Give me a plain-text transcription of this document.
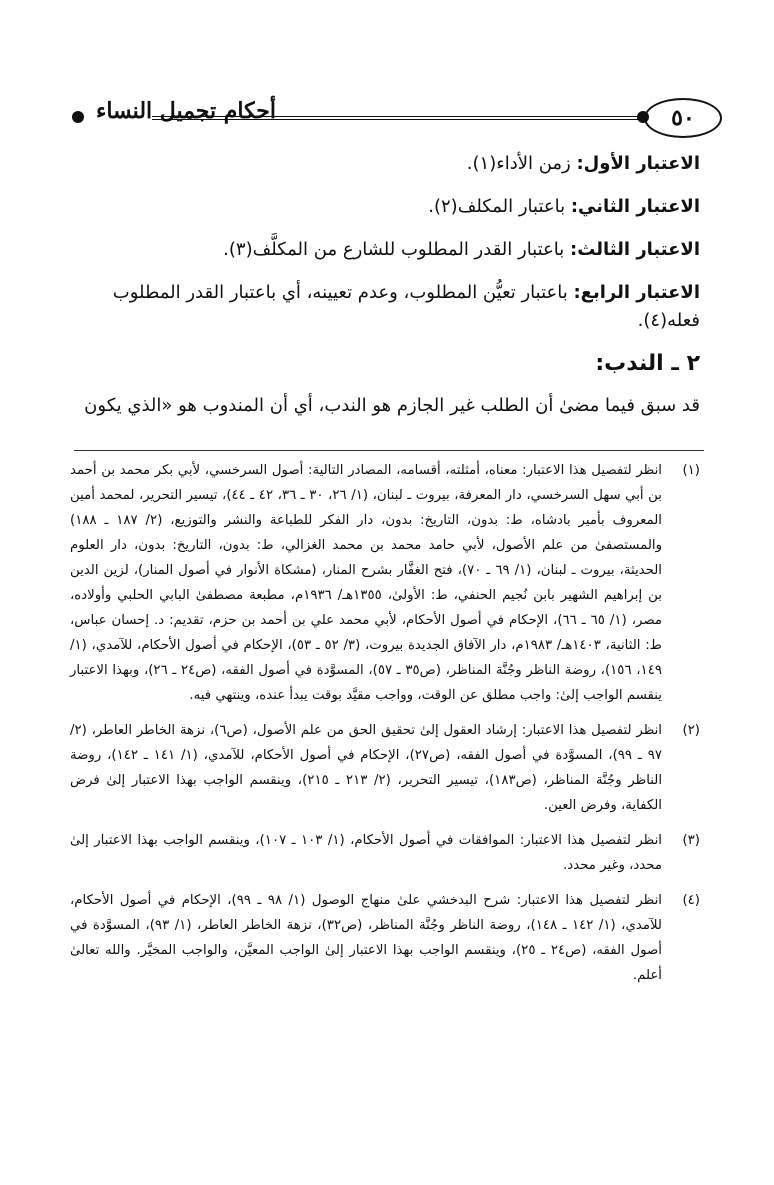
أحكام تجميل النساء	٥٠

الاعتبار الأول: زمن الأداء(١).

الاعتبار الثاني: باعتبار المكلف(٢).

الاعتبار الثالث: باعتبار القدر المطلوب للشارع من المكلَّف(٣).

الاعتبار الرابع: باعتبار تعيُّن المطلوب، وعدم تعيينه، أي باعتبار القدر المطلوب فعله(٤).

٢ ـ الندب:

قد سبق فيما مضىٰ أن الطلب غير الجازم هو الندب، أي أن المندوب هو «الذي يكون

(١)
انظر لتفصيل هذا الاعتبار: معناه، أمثلته، أقسامه، المصادر التالية: أصول السرخسي، لأبي بكر محمد بن أحمد بن أبي سهل السرخسي، دار المعرفة، بيروت ـ لبنان، (١/ ٢٦، ٣٠ ـ ٣٦، ٤٢ ـ ٤٤)، تيسير التحرير، لمحمد أمين المعروف بأمير بادشاه، ط: بدون، التاريخ: بدون، دار الفكر للطباعة والنشر والتوزيع، (٢/ ١٨٧ ـ ١٨٨) والمستصفىٰ من علم الأصول، لأبي حامد محمد بن محمد الغزالي، ط: بدون، التاريخ: بدون، دار العلوم الحديثة، بيروت ـ لبنان، (١/ ٦٩ ـ ٧٠)، فتح الغفَّار بشرح المنار، (مشكاة الأنوار في أصول المنار)، لزين الدين بن إبراهيم الشهير بابن نُجيم الحنفي، ط: الأولىٰ، ١٣٥٥هـ/ ١٩٣٦م، مطبعة مصطفىٰ البابي الحلبي وأولاده، مصر، (١/ ٦٥ ـ ٦٦)، الإحكام في أصول الأحكام، لأبي محمد علي بن أحمد بن حزم، تقديم: د. إحسان عباس، ط: الثانية، ١٤٠٣هـ/ ١٩٨٣م، دار الآفاق الجديدة بيروت، (٣/ ٥٢ ـ ٥٣)، الإحكام في أصول الأحكام، للآمدي، (١/ ١٤٩، ١٥٦)، روضة الناظر وجُنَّة المناظر، (ص٣٥ ـ ٥٧)، المسوَّدة في أصول الفقه، (ص٢٤ ـ ٢٦)، وبهذا الاعتبار ينقسم الواجب إلىٰ: واجب مطلق عن الوقت، وواجب مقيَّد بوقت يبدأ عنده، وينتهي فيه.
(٢)
انظر لتفصيل هذا الاعتبار: إرشاد العقول إلىٰ تحقيق الحق من علم الأصول، (ص٦)، نزهة الخاطر العاطر، (٢/ ٩٧ ـ ٩٩)، المسوَّدة في أصول الفقه، (ص٢٧)، الإحكام في أصول الأحكام، للآمدي، (١/ ١٤١ ـ ١٤٢)، روضة الناظر وجُنَّة المناظر، (ص١٨٣)، تيسير التحرير، (٢/ ٢١٣ ـ ٢١٥)، وينقسم الواجب بهذا الاعتبار إلىٰ فرض الكفاية، وفرض العين.
(٣)
انظر لتفصيل هذا الاعتبار: الموافقات في أصول الأحكام، (١/ ١٠٣ ـ ١٠٧)، وينقسم الواجب بهذا الاعتبار إلىٰ محدد، وغير محدد.
(٤)
انظر لتفصيل هذا الاعتبار: شرح البدخشي علىٰ منهاج الوصول (١/ ٩٨ ـ ٩٩)، الإحكام في أصول الأحكام، للآمدي، (١/ ١٤٢ ـ ١٤٨)، روضة الناظر وجُنَّة المناظر، (ص٣٢)، نزهة الخاطر العاطر، (١/ ٩٣)، المسوَّدة في أصول الفقه، (ص٢٤ ـ ٢٥)، وينقسم الواجب بهذا الاعتبار إلىٰ الواجب المعيَّن، والواجب المخيَّر. والله تعالىٰ أعلم.
